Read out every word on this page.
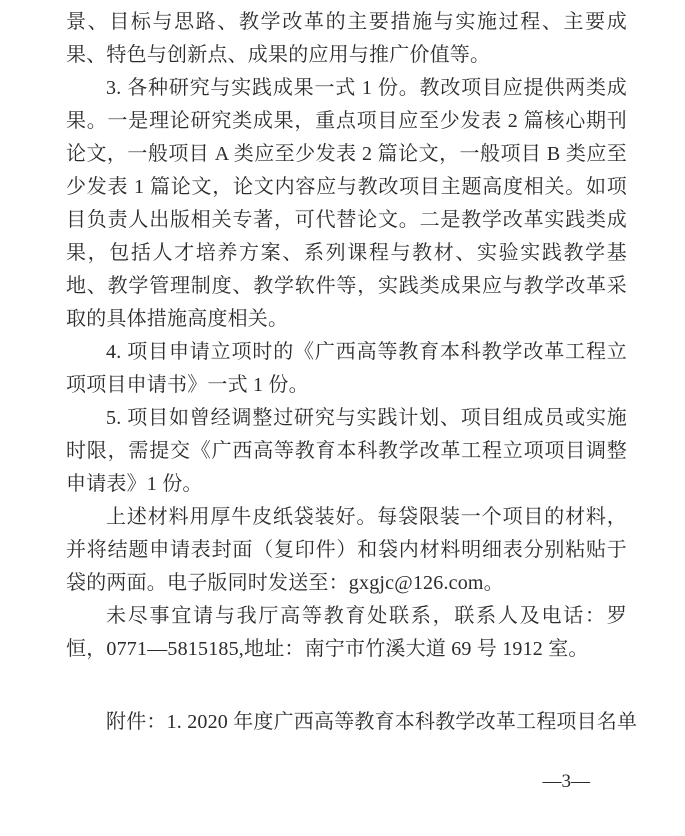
景、目标与思路、教学改革的主要措施与实施过程、主要成果、特色与创新点、成果的应用与推广价值等。

3. 各种研究与实践成果一式 1 份。教改项目应提供两类成果。一是理论研究类成果，重点项目应至少发表 2 篇核心期刊论文，一般项目 A 类应至少发表 2 篇论文，一般项目 B 类应至少发表 1 篇论文，论文内容应与教改项目主题高度相关。如项目负责人出版相关专著，可代替论文。二是教学改革实践类成果，包括人才培养方案、系列课程与教材、实验实践教学基地、教学管理制度、教学软件等，实践类成果应与教学改革采取的具体措施高度相关。

4. 项目申请立项时的《广西高等教育本科教学改革工程立项项目申请书》一式 1 份。

5. 项目如曾经调整过研究与实践计划、项目组成员或实施时限，需提交《广西高等教育本科教学改革工程立项项目调整申请表》1 份。

上述材料用厚牛皮纸袋装好。每袋限装一个项目的材料，并将结题申请表封面（复印件）和袋内材料明细表分别粘贴于袋的两面。电子版同时发送至：gxgjc@126.com。

未尽事宜请与我厅高等教育处联系，联系人及电话：罗恒，0771—5815185,地址：南宁市竹溪大道 69 号 1912 室。

附件：1. 2020 年度广西高等教育本科教学改革工程项目名单

—3—
